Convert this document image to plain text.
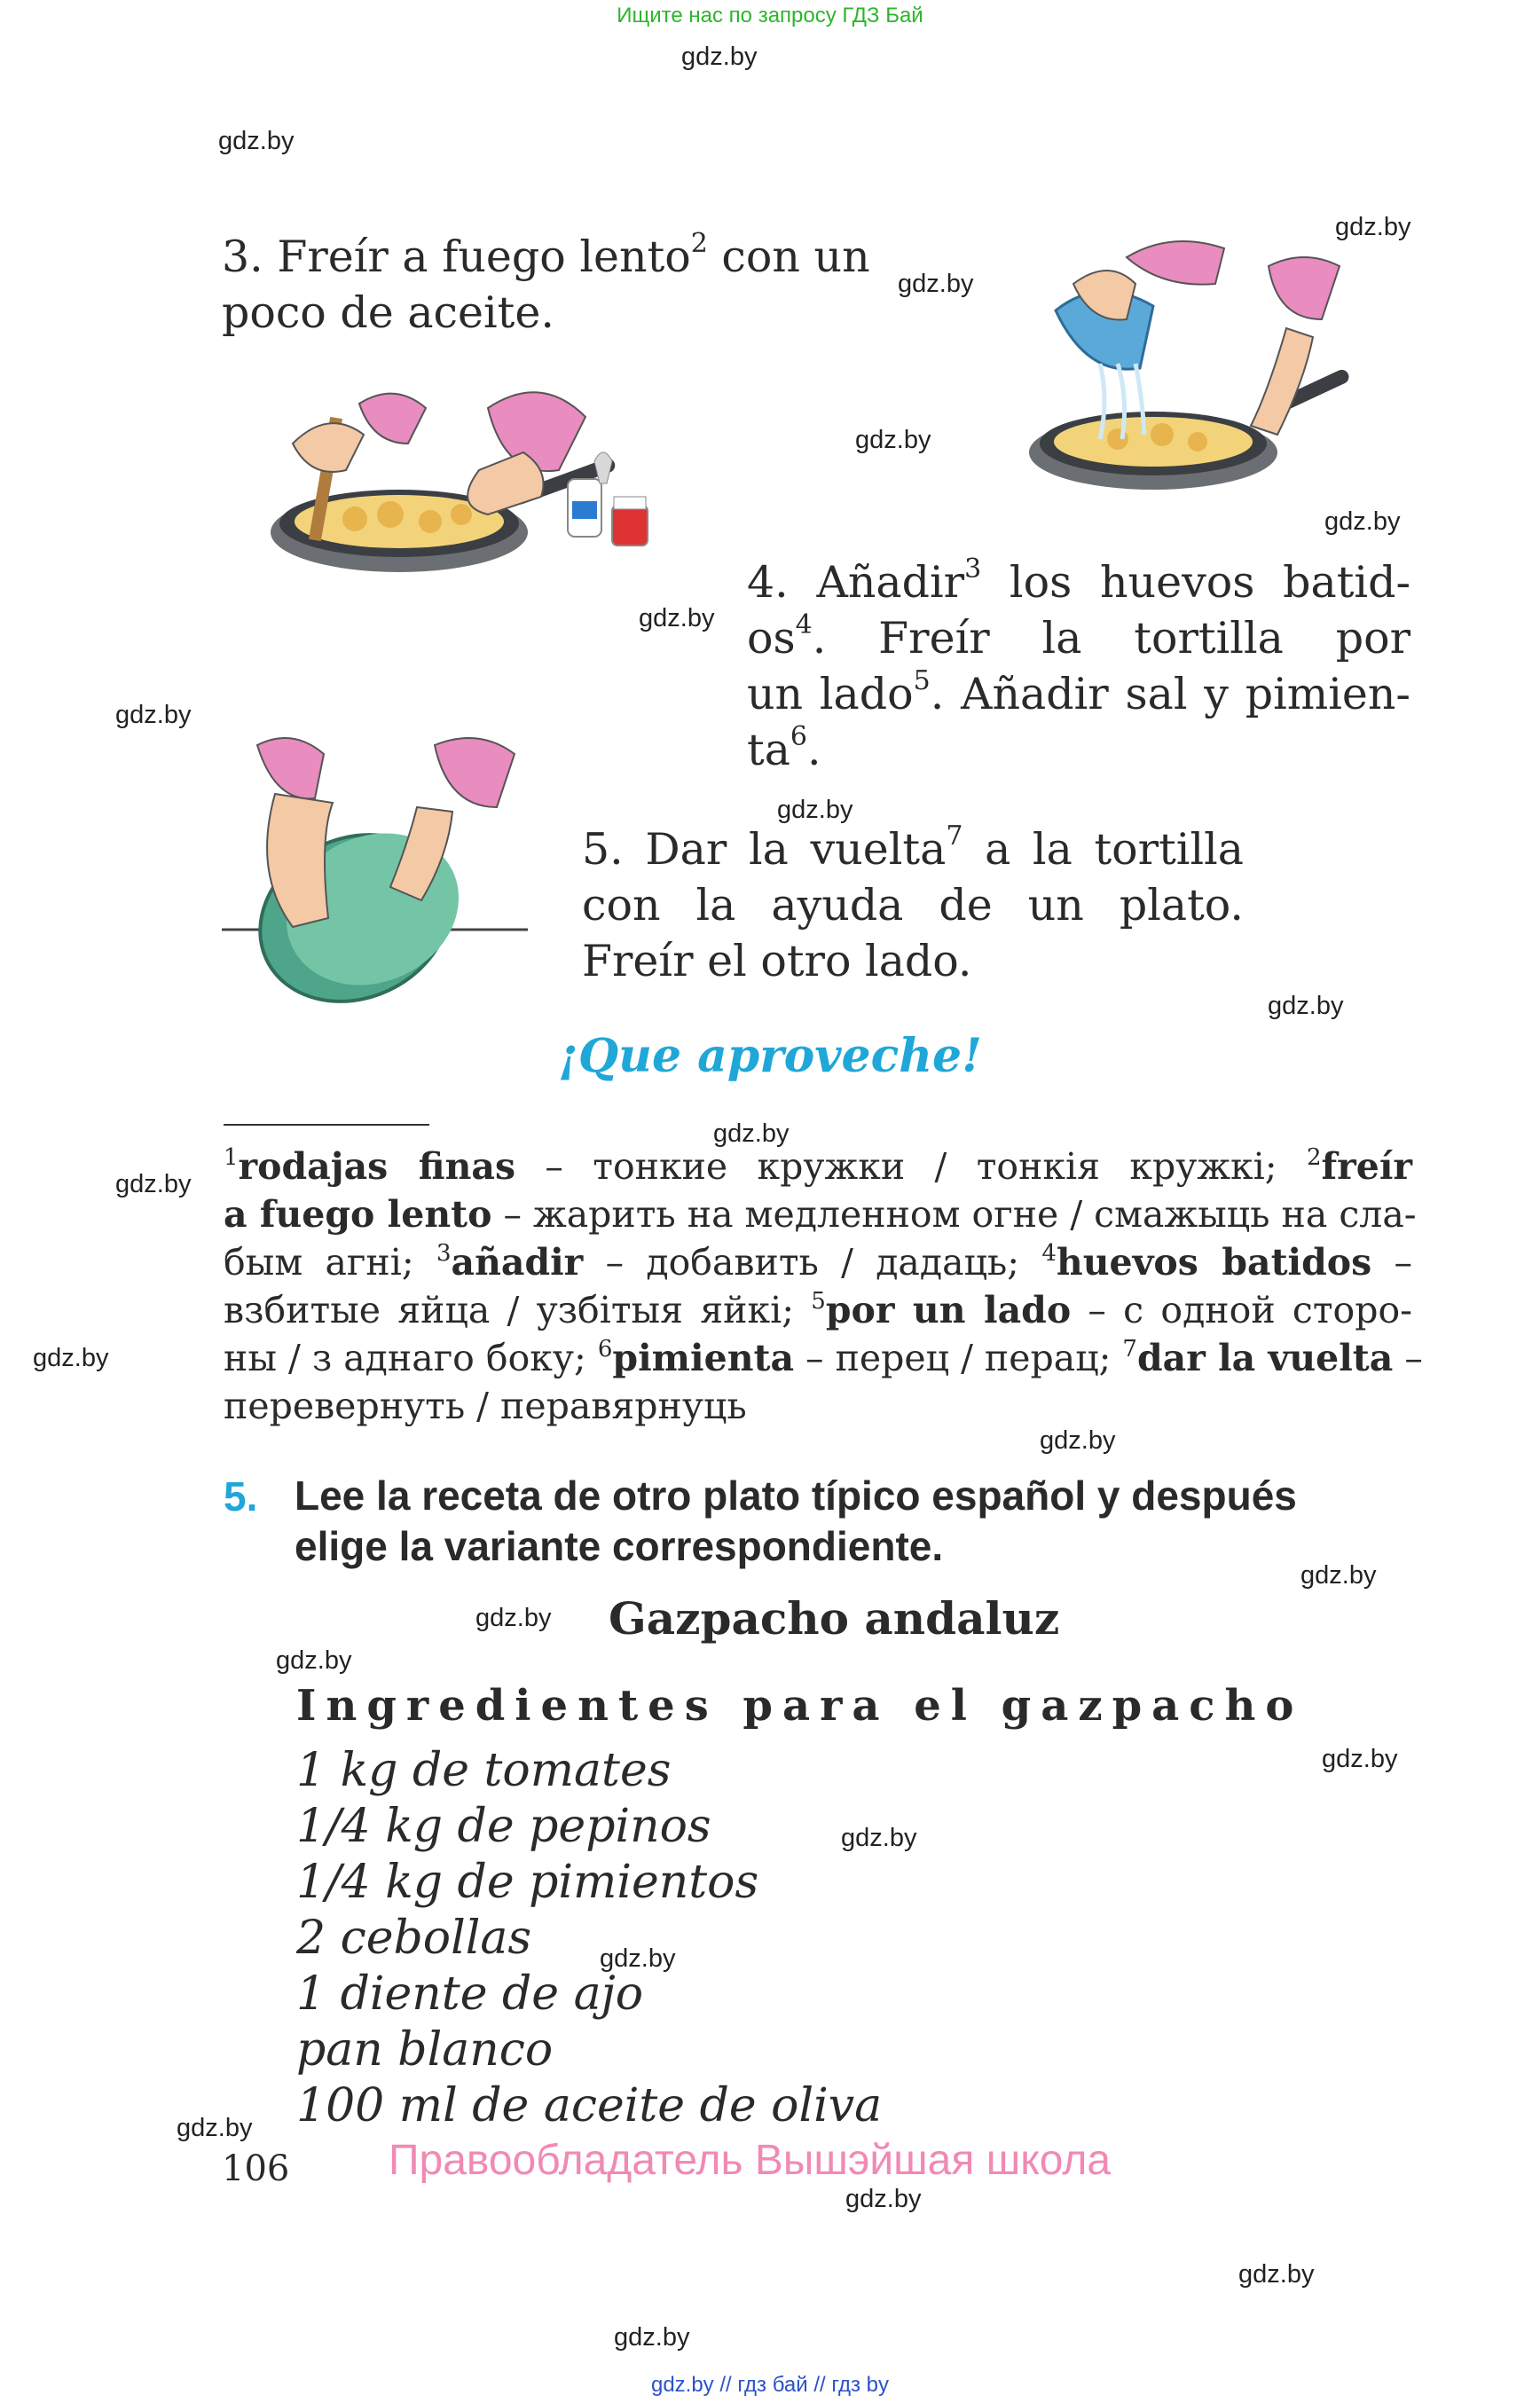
Ищите нас по запросу ГДЗ Бай
gdz.by
gdz.by
gdz.by
gdz.by
gdz.by
gdz.by
gdz.by
gdz.by
gdz.by
gdz.by
gdz.by
gdz.by
gdz.by
gdz.by
gdz.by
gdz.by
gdz.by
gdz.by
gdz.by
gdz.by
gdz.by
gdz.by
gdz.by
gdz.by
3. Freír a fuego lento$^2$ con un
poco de aceite.

4. Añadir$^3$ los huevos batid-

$os^4$. Freír la tortilla por

un lado$^5$. Añadir sal y pimien-

$ta^6$.

5. Dar la vuelta$^7$ a la tortilla

con la ayuda de un plato.

Freír el otro lado.

¡Que aproveche!
$^1$rodajas finas – тонкие кружки / тонкія кружкі; $^2$freír
a fuego lento – жарить на медленном огне / смажыць на сла-
бым агні; $^3$añadir – добавить / дадаць; $^4$huevos batidos –
взбитые яйца / узбітыя яйкі; $^5$por un lado – с одной сторо-
ны / з аднаго боку; $^6$pimienta – перец / перац; $^7$dar la vuelta –
перевернуть / перавярнуць
5. Lee la receta de otro plato típico español y después
elige la variante correspondiente.
Gazpacho andaluz
Ingredientes para el gazpacho
1 kg de tomates
1/4 kg de pepinos
1/4 kg de pimientos
2 cebollas
1 diente de ajo
pan blanco
100 ml de aceite de oliva
106 Правообладатель Вышэйшая школа
gdz.by // гдз бай // гдз by
